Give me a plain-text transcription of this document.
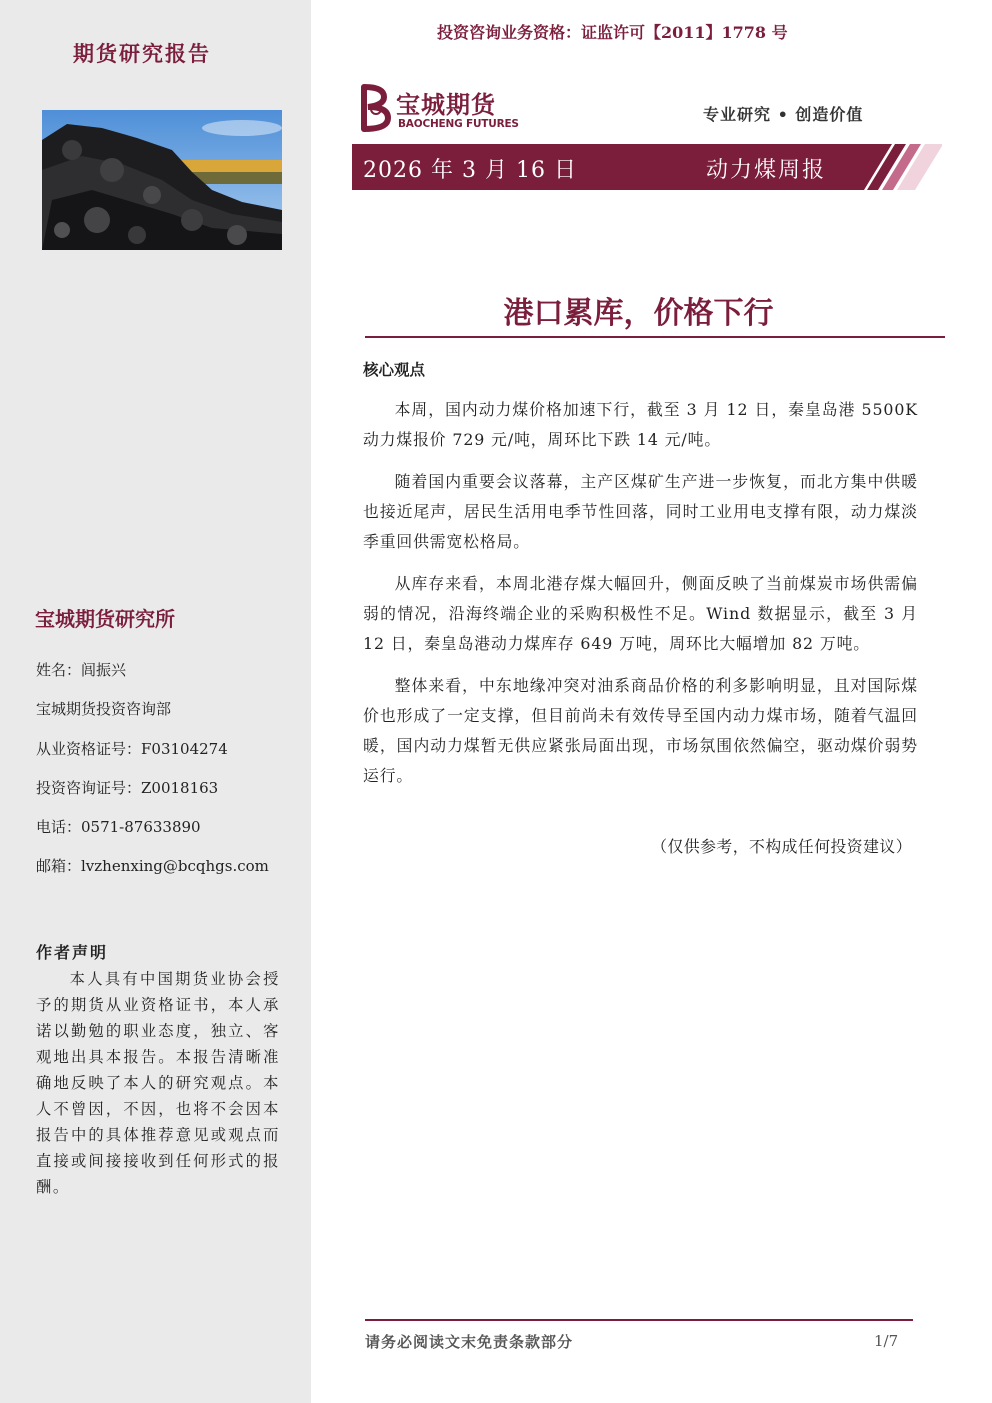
期货研究报告
宝城期货研究所
姓名：闾振兴
宝城期货投资咨询部
从业资格证号：F03104274
投资咨询证号：Z0018163
电话：0571-87633890
邮箱：lvzhenxing@bcqhgs.com
作者声明
本人具有中国期货业协会授予的期货从业资格证书，本人承诺以勤勉的职业态度，独立、客观地出具本报告。本报告清晰准确地反映了本人的研究观点。本人不曾因，不因，也将不会因本报告中的具体推荐意见或观点而直接或间接接收到任何形式的报酬。
投资咨询业务资格：证监许可【2011】1778 号
宝城期货
BAOCHENG FUTURES	专业研究 • 创造价值
2026 年 3 月 16 日	动力煤周报
港口累库，价格下行
核心观点

本周，国内动力煤价格加速下行，截至 3 月 12 日，秦皇岛港 5500K 动力煤报价 729 元/吨，周环比下跌 14 元/吨。

随着国内重要会议落幕，主产区煤矿生产进一步恢复，而北方集中供暖也接近尾声，居民生活用电季节性回落，同时工业用电支撑有限，动力煤淡季重回供需宽松格局。

从库存来看，本周北港存煤大幅回升，侧面反映了当前煤炭市场供需偏弱的情况，沿海终端企业的采购积极性不足。Wind 数据显示，截至 3 月 12 日，秦皇岛港动力煤库存 649 万吨，周环比大幅增加 82 万吨。

整体来看，中东地缘冲突对油系商品价格的利多影响明显，且对国际煤价也形成了一定支撑，但目前尚未有效传导至国内动力煤市场，随着气温回暖，国内动力煤暂无供应紧张局面出现，市场氛围依然偏空，驱动煤价弱势运行。

（仅供参考，不构成任何投资建议）
请务必阅读文末免责条款部分	1/7
